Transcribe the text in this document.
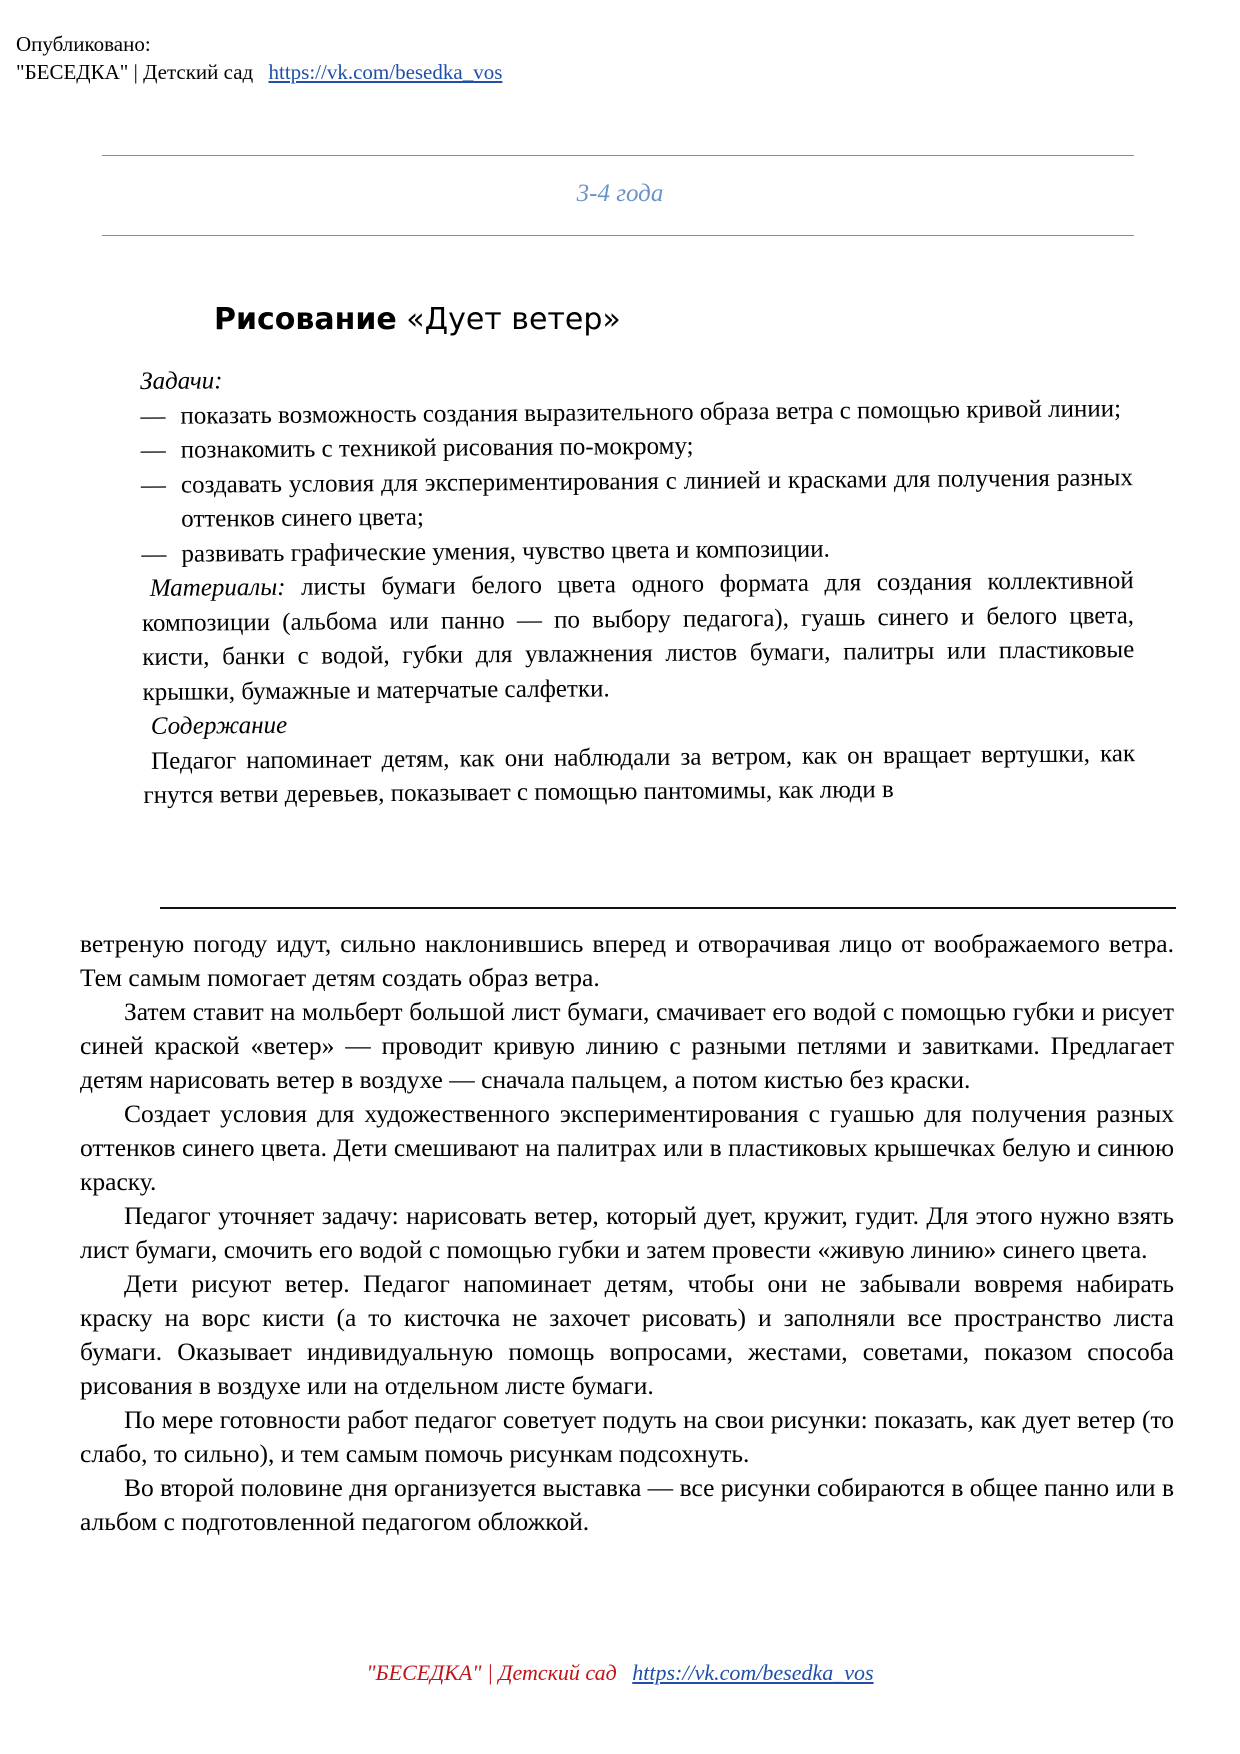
Опубликовано:
"БЕСЕДКА" | Детский сад https://vk.com/besedka_vos
3-4 года
Рисование «Дует ветер»

Задачи:

— показать возможность создания выразительного образа ветра с помощью кривой линии;
— познакомить с техникой рисования по-мокрому;
— создавать условия для экспериментирования с линией и красками для получения разных оттенков синего цвета;
— развивать графические умения, чувство цвета и композиции.

Материалы: листы бумаги белого цвета одного формата для создания коллективной композиции (альбома или панно — по выбору педагога), гуашь синего и белого цвета, кисти, банки с водой, губки для увлажнения листов бумаги, палитры или пластиковые крышки, бумажные и матерчатые салфетки.

Содержание

Педагог напоминает детям, как они наблюдали за ветром, как он вращает вертушки, как гнутся ветви деревьев, показывает с помощью пантомимы, как люди в

ветреную погоду идут, сильно наклонившись вперед и отворачивая лицо от воображаемого ветра. Тем самым помогает детям создать образ ветра.

Затем ставит на мольберт большой лист бумаги, смачивает его водой с помощью губки и рисует синей краской «ветер» — проводит кривую линию с разными петлями и завитками. Предлагает детям нарисовать ветер в воздухе — сначала пальцем, а потом кистью без краски.

Создает условия для художественного экспериментирования с гуашью для получения разных оттенков синего цвета. Дети смешивают на палитрах или в пластиковых крышечках белую и синюю краску.

Педагог уточняет задачу: нарисовать ветер, который дует, кружит, гудит. Для этого нужно взять лист бумаги, смочить его водой с помощью губки и затем провести «живую линию» синего цвета.

Дети рисуют ветер. Педагог напоминает детям, чтобы они не забывали вовремя набирать краску на ворс кисти (а то кисточка не захочет рисовать) и заполняли все пространство листа бумаги. Оказывает индивидуальную помощь вопросами, жестами, советами, показом способа рисования в воздухе или на отдельном листе бумаги.

По мере готовности работ педагог советует подуть на свои рисунки: показать, как дует ветер (то слабо, то сильно), и тем самым помочь рисункам подсохнуть.

Во второй половине дня организуется выставка — все рисунки собираются в общее панно или в альбом с подготовленной педагогом обложкой.

"БЕСЕДКА" | Детский сад https://vk.com/besedka_vos
